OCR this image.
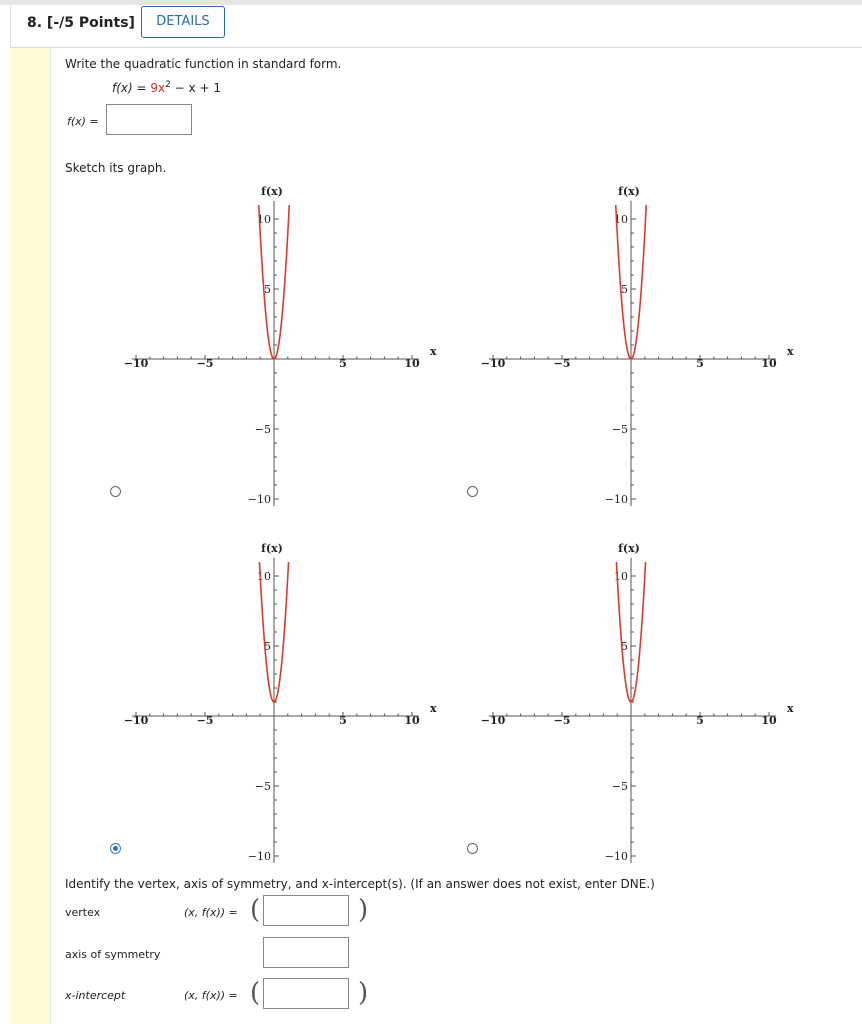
8. [-/5 Points]	DETAILS
Write the quadratic function in standard form.
$f(x) = 9x^2 - x + 1$
f(x) =
Sketch its graph.
−10	−5	5	10
10
5
−5
−10
f(x)
x
−10	−5	5	10
10
5
−5
−10
f(x)
x
−10	−5	5	10
10
5
−5
−10
f(x)
x
−10	−5	5	10
10
5
−5
−10
f(x)
x
Identify the vertex, axis of symmetry, and x-intercept(s). (If an answer does not exist, enter DNE.)
vertex	(x, f(x)) = (	)
axis of symmetry
x-intercept	(x, f(x)) = (	)
